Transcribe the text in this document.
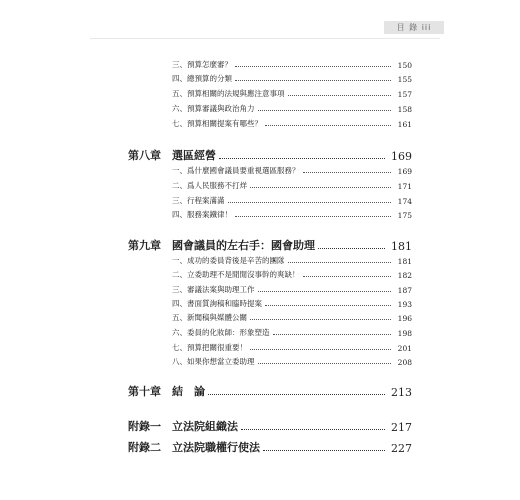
目 錄 iii
三、預算怎麼審？	150
四、總預算的分類	155
五、預算相關的法規與應注意事項	157
六、預算審議與政治角力	158
七、預算相關提案有哪些？	161
第八章	選區經營	169
一、爲什麼國會議員要重視選區服務？	169
二、爲人民服務不打烊	171
三、行程案滿滿	174
四、服務案鐵律！	175
第九章	國會議員的左右手：國會助理	181
一、成功的委員背後是辛苦的團隊	181
二、立委助理不是閒閒沒事幹的爽缺！	182
三、審議法案與助理工作	187
四、書面質詢稿和臨時提案	193
五、新聞稿與媒體公關	196
六、委員的化妝師：形象塑造	198
七、預算把關很重要！	201
八、如果你想當立委助理	208
第十章	結　論	213
附錄一	立法院組織法	217
附錄二	立法院職權行使法	227
